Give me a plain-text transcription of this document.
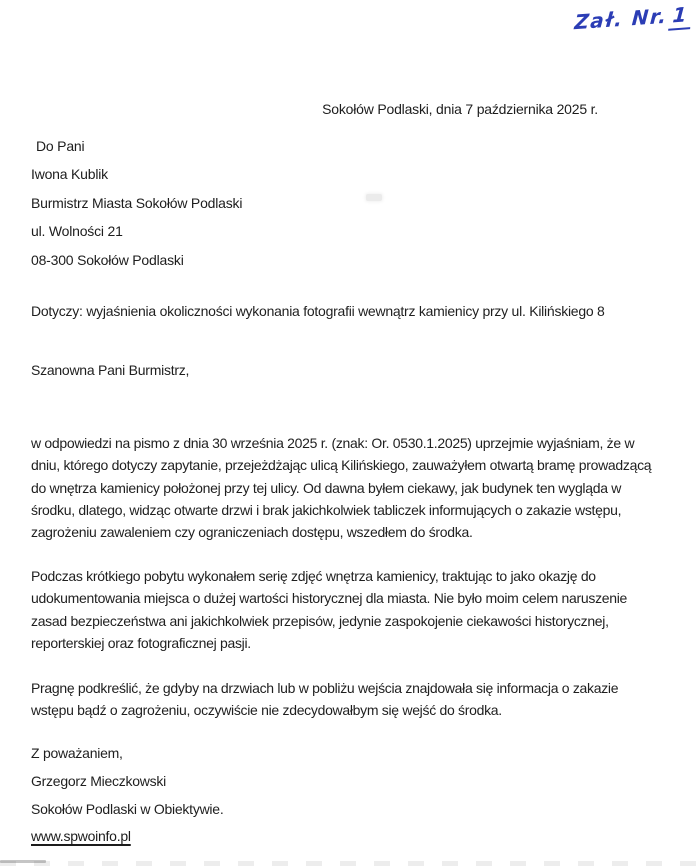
Zał. Nr. 1
Sokołów Podlaski, dnia 7 października 2025 r.
Do Pani
Iwona Kublik
Burmistrz Miasta Sokołów Podlaski
ul. Wolności 21
08-300 Sokołów Podlaski
Dotyczy: wyjaśnienia okoliczności wykonania fotografii wewnątrz kamienicy przy ul. Kilińskiego 8
Szanowna Pani Burmistrz,

w odpowiedzi na pismo z dnia 30 września 2025 r. (znak: Or. 0530.1.2025) uprzejmie wyjaśniam, że w dniu, którego dotyczy zapytanie, przejeżdżając ulicą Kilińskiego, zauważyłem otwartą bramę prowadzącą do wnętrza kamienicy położonej przy tej ulicy. Od dawna byłem ciekawy, jak budynek ten wygląda w środku, dlatego, widząc otwarte drzwi i brak jakichkolwiek tabliczek informujących o zakazie wstępu, zagrożeniu zawaleniem czy ograniczeniach dostępu, wszedłem do środka.

Podczas krótkiego pobytu wykonałem serię zdjęć wnętrza kamienicy, traktując to jako okazję do udokumentowania miejsca o dużej wartości historycznej dla miasta. Nie było moim celem naruszenie zasad bezpieczeństwa ani jakichkolwiek przepisów, jedynie zaspokojenie ciekawości historycznej, reporterskiej oraz fotograficznej pasji.

Pragnę podkreślić, że gdyby na drzwiach lub w pobliżu wejścia znajdowała się informacja o zakazie wstępu bądź o zagrożeniu, oczywiście nie zdecydowałbym się wejść do środka.

Z poważaniem,
Grzegorz Mieczkowski
Sokołów Podlaski w Obiektywie.
www.spwoinfo.pl
